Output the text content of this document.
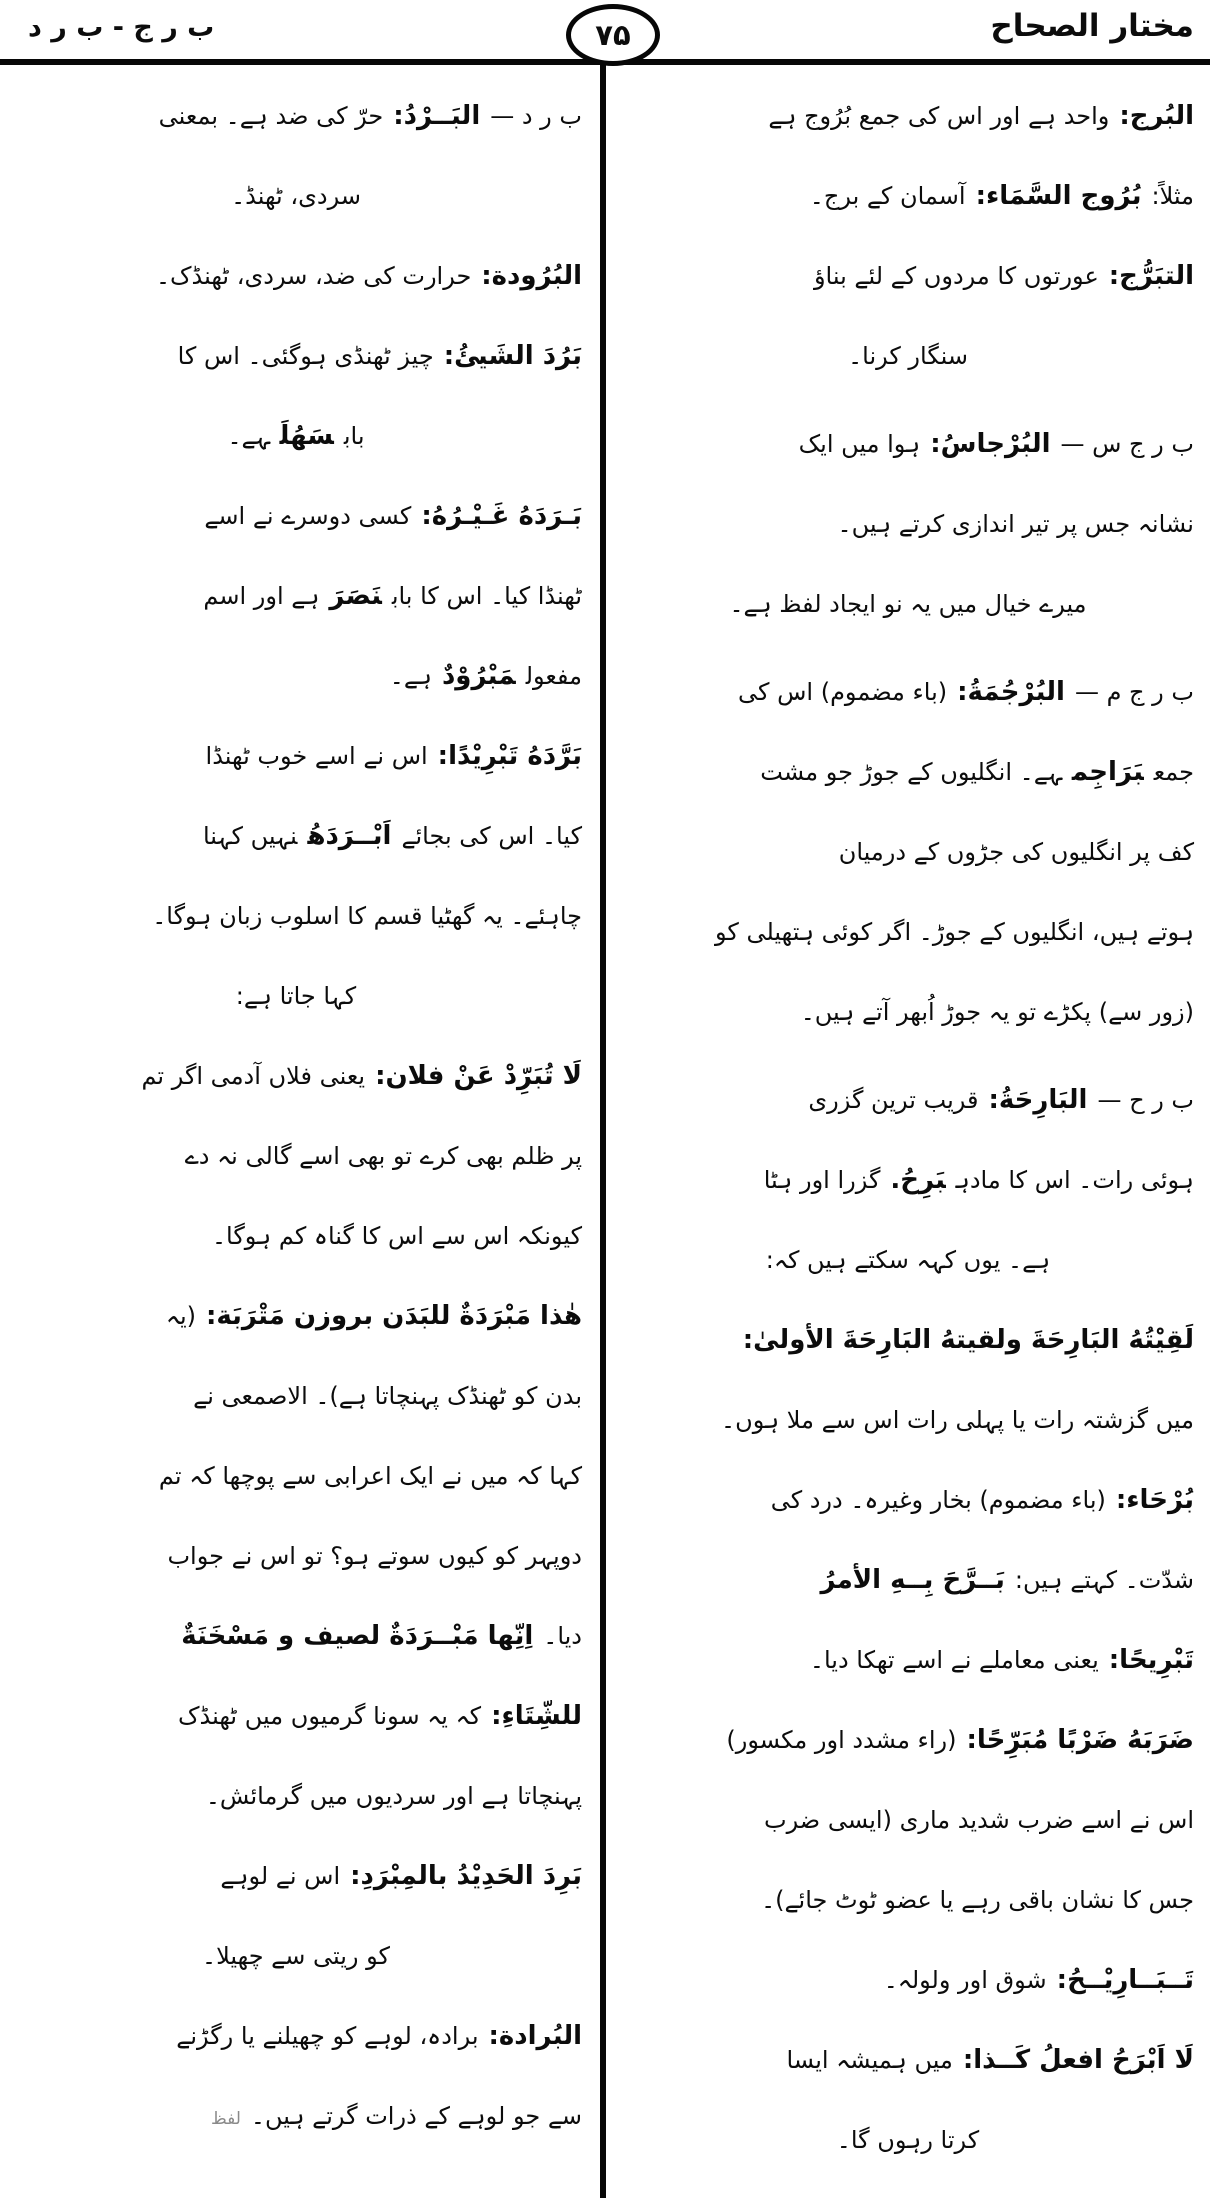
مختار الصحاح
ب ر ج - ب ر د	۷۵

البُرج:واحد ہے اور اس کی جمع بُرُوج ہے

مثلاً:بُرُوج السَّمَاء:آسمان کے برج۔

التبَرُّج:عورتوں کا مردوں کے لئے بناؤ

سنگار کرنا۔

ب ر ج س —البُرْجاسُ:ہوا میں ایک

نشانہ جس پر تیر اندازی کرتے ہیں۔

میرے خیال میں یہ نو ایجاد لفظ ہے۔

ب ر ج م —البُرْجُمَةُ:(باء مضموم) اس کی

جمعبَرَاجِمہے۔ انگلیوں کے جوڑ جو مشت

کف پر انگلیوں کی جڑوں کے درمیان

ہوتے ہیں، انگلیوں کے جوڑ۔ اگر کوئی ہتھیلی کو

(زور سے) پکڑے تو یہ جوڑ اُبھر آتے ہیں۔

ب ر ح —البَارِحَةُ:قریب ترین گزری

ہوئی رات۔ اس کا مادہبَرِحُ.گزرا اور ہٹا

ہے۔ یوں کہہ سکتے ہیں کہ:

لَقِيْتُهُ البَارِحَةَ ولقيتهُ البَارِحَةَ الأولىٰ:

میں گزشتہ رات یا پہلی رات اس سے ملا ہوں۔

بُرْحَاء:(باء مضموم) بخار وغیرہ۔ درد کی

شدّت۔ کہتے ہیں:بَــرَّحَ بِــهِ الأمرُ

تَبْرِيحًا:یعنی معاملے نے اسے تھکا دیا۔

ضَرَبَهُ ضَرْبًا مُبَرِّحًا:(راء مشدد اور مکسور)

اس نے اسے ضرب شدید ماری (ایسی ضرب

جس کا نشان باقی رہے یا عضو ٹوٹ جائے)۔

تَــبَــارِيْــحُ:شوق اور ولولہ۔

لَا اَبْرَحُ افعلُ كَــذا:میں ہمیشہ ایسا

کرتا رہوں گا۔

ب ر د —البَــرْدُ:حرّ کی ضد ہے۔ بمعنی

سردی، ٹھنڈ۔

البُرُودة:حرارت کی ضد، سردی، ٹھنڈک۔

بَرُدَ الشَیئُ:چیز ٹھنڈی ہوگئی۔ اس کا

بابسَهُلَہے۔

بَـرَدَهُ غَـيْـرُهُ:کسی دوسرے نے اسے

ٹھنڈا کیا۔ اس کا بابنَصَرَہے اور اسم

مفعولمَبْرُوْدٌہے۔

بَرَّدَهُ تَبْرِيْدًا:اس نے اسے خوب ٹھنڈا

کیا۔ اس کی بجائےاَبْــرَدَهُنہیں کہنا

چاہئے۔ یہ گھٹیا قسم کا اسلوب زبان ہوگا۔

کہا جاتا ہے:

لَا تُبَرِّدْ عَنْ فلان:یعنی فلاں آدمی اگر تم

پر ظلم بھی کرے تو بھی اسے گالی نہ دے

کیونکہ اس سے اس کا گناہ کم ہوگا۔

هٰذا مَبْرَدَةٌ للبَدَن بروزن مَتْرَبَة:(یہ

بدن کو ٹھنڈک پہنچاتا ہے)۔ الاصمعی نے

کہا کہ میں نے ایک اعرابی سے پوچھا کہ تم

دوپہر کو کیوں سوتے ہو؟ تو اس نے جواب

دیا۔اِنِّها مَبْــرَدَةٌ لصیف و مَسْخَنَةٌ

للشِّتَاءِ:کہ یہ سونا گرمیوں میں ٹھنڈک

پہنچاتا ہے اور سردیوں میں گرمائش۔

بَرِدَ الحَدِيْدُ بالمِبْرَدِ:اس نے لوہے

کو ریتی سے چھیلا۔

البُرادة:برادہ، لوہے کو چھیلنے یا رگڑنے

سے جو لوہے کے ذرات گرتے ہیں۔لفظ
